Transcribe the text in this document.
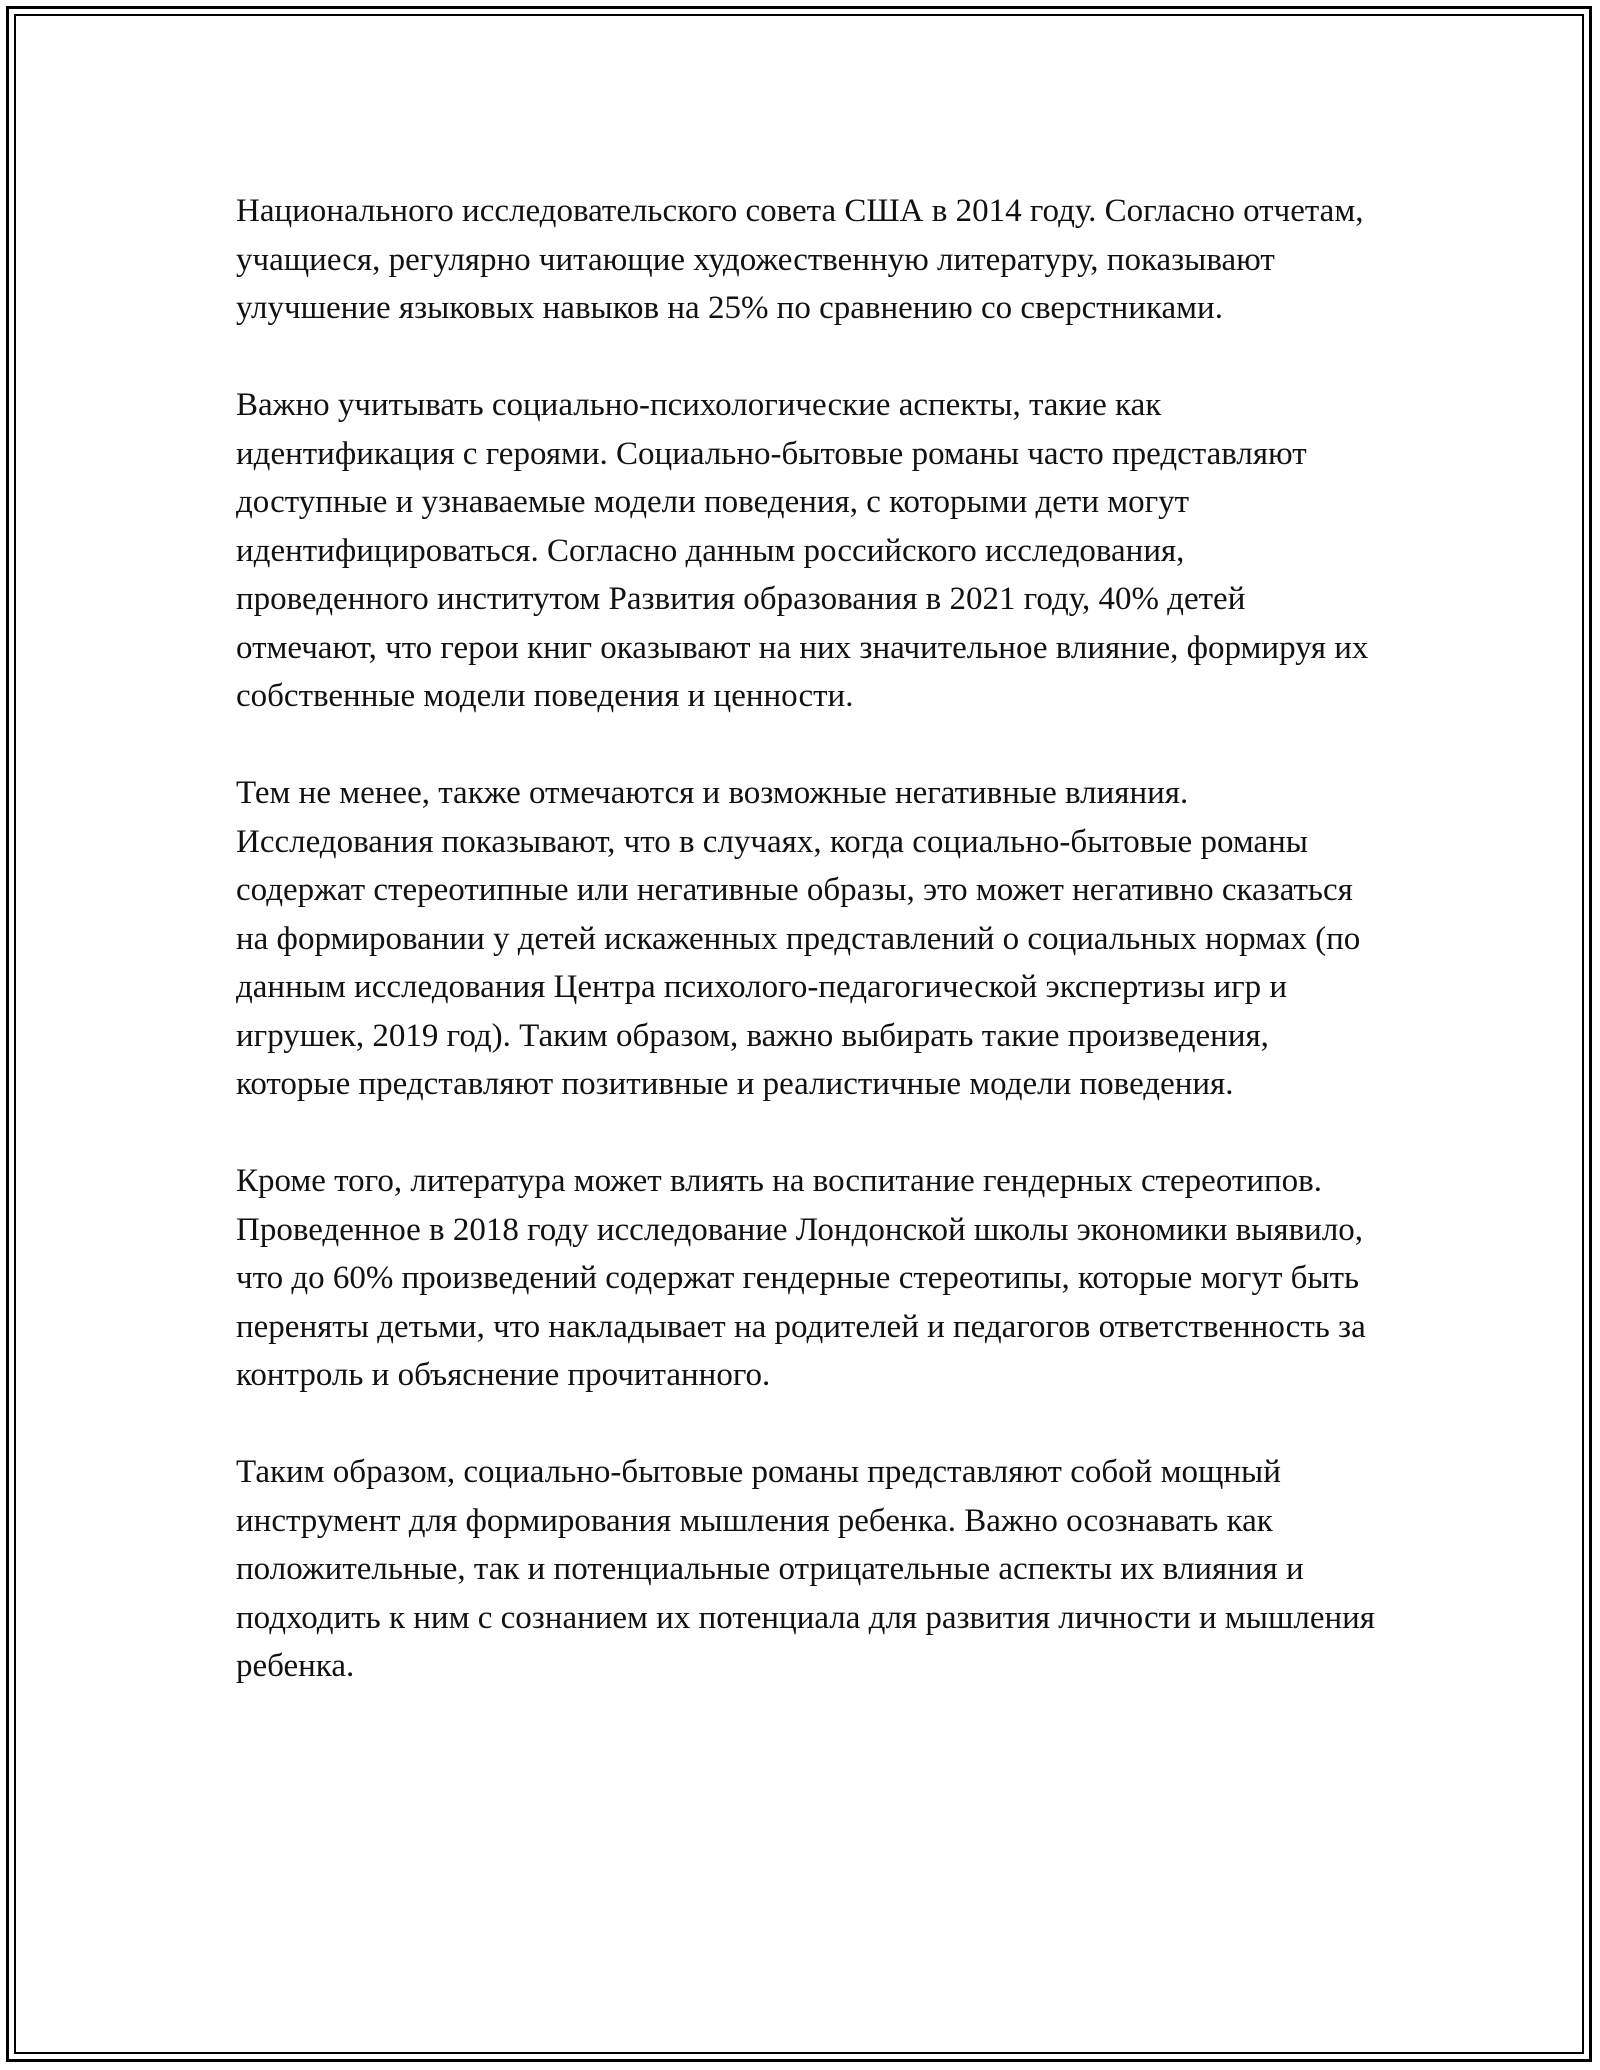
Национального исследовательского совета США в 2014 году. Согласно отчетам, учащиеся, регулярно читающие художественную литературу, показывают улучшение языковых навыков на 25% по сравнению со сверстниками.

Важно учитывать социально-психологические аспекты, такие как идентификация с героями. Социально-бытовые романы часто представляют доступные и узнаваемые модели поведения, с которыми дети могут идентифицироваться. Согласно данным российского исследования, проведенного институтом Развития образования в 2021 году, 40% детей отмечают, что герои книг оказывают на них значительное влияние, формируя их собственные модели поведения и ценности.

Тем не менее, также отмечаются и возможные негативные влияния. Исследования показывают, что в случаях, когда социально-бытовые романы содержат стереотипные или негативные образы, это может негативно сказаться на формировании у детей искаженных представлений о социальных нормах (по данным исследования Центра психолого-педагогической экспертизы игр и игрушек, 2019 год). Таким образом, важно выбирать такие произведения, которые представляют позитивные и реалистичные модели поведения.

Кроме того, литература может влиять на воспитание гендерных стереотипов. Проведенное в 2018 году исследование Лондонской школы экономики выявило, что до 60% произведений содержат гендерные стереотипы, которые могут быть переняты детьми, что накладывает на родителей и педагогов ответственность за контроль и объяснение прочитанного.

Таким образом, социально-бытовые романы представляют собой мощный инструмент для формирования мышления ребенка. Важно осознавать как положительные, так и потенциальные отрицательные аспекты их влияния и подходить к ним с сознанием их потенциала для развития личности и мышления ребенка.
